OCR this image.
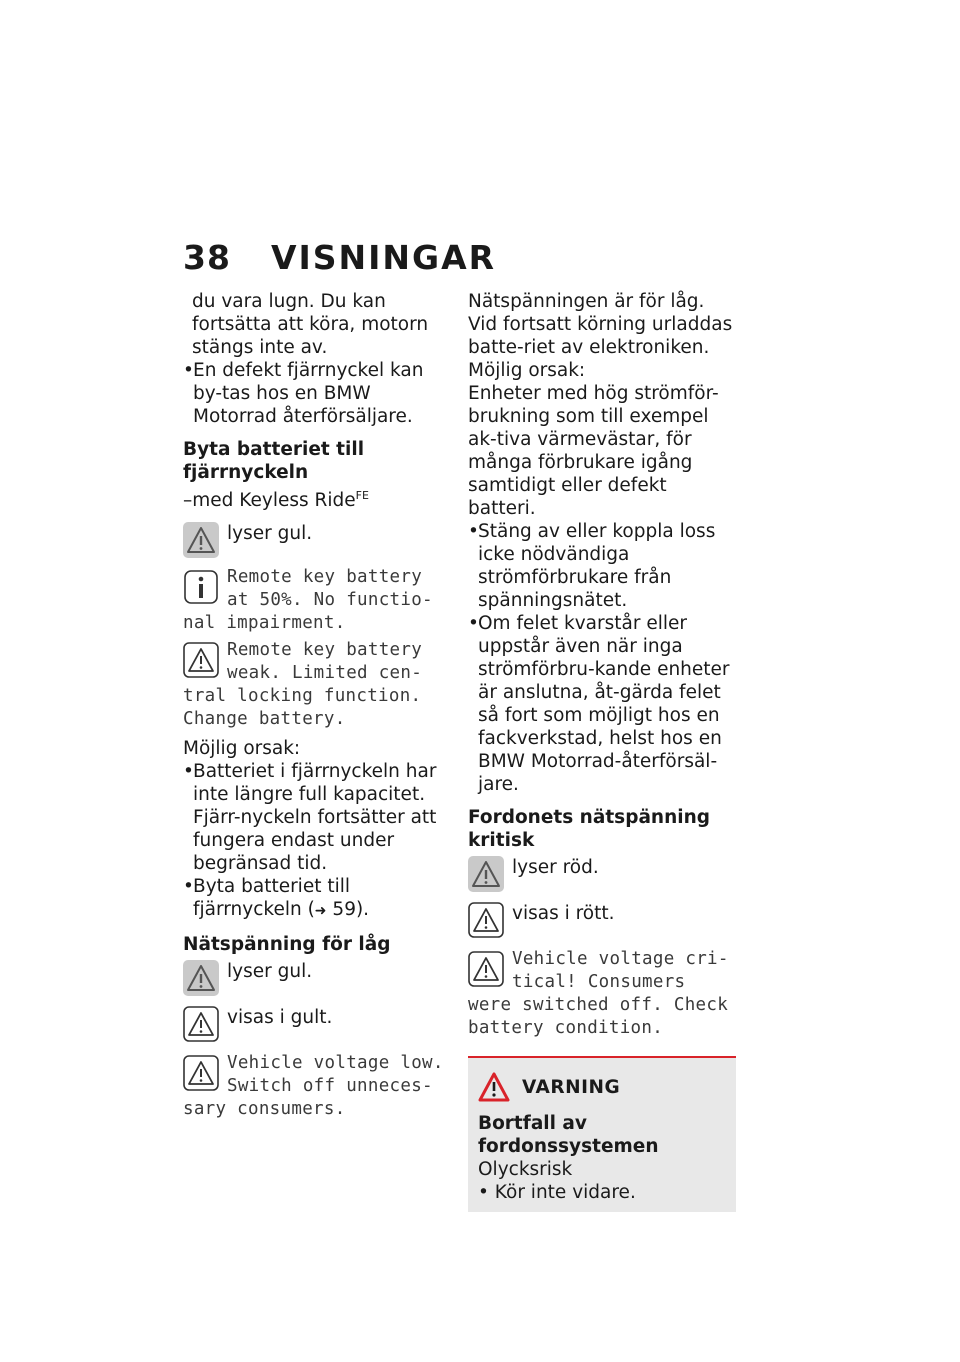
38 VISNINGAR

du vara lugn. Du kan fortsätta att köra, motorn stängs inte av.

• En defekt fjärrnyckel kan by-tas hos en BMW Motorrad återförsäljare.

Byta batteriet till fjärrnyckeln

–med Keyless Ride$^{FE}$

lyser gul.
Remote key battery at 50%. No functio-nal impairment.
Remote key battery weak. Limited cen-tral locking function. Change battery.

Möjlig orsak:

• Batteriet i fjärrnyckeln har inte längre full kapacitet. Fjärr-nyckeln fortsätter att fungera endast under begränsad tid.

• Byta batteriet till fjärrnyckeln (➜ 59).

Nätspänning för låg

lyser gul.
visas i gult.
Vehicle voltage low. Switch off unneces-sary consumers.

Nätspänningen är för låg. Vid fortsatt körning urladdas batte-riet av elektroniken.

Möjlig orsak:

Enheter med hög strömför-brukning som till exempel ak-tiva värmevästar, för många förbrukare igång samtidigt eller defekt batteri.

• Stäng av eller koppla loss icke nödvändiga strömförbrukare från spänningsnätet.

• Om felet kvarstår eller uppstår även när inga strömförbru-kande enheter är anslutna, åt-gärda felet så fort som möjligt hos en fackverkstad, helst hos en BMW Motorrad-återförsäl-jare.

Fordonets nätspänning kritisk

lyser röd.
visas i rött.
Vehicle voltage cri-tical! Consumers were switched off. Check battery condition.
VARNING

Bortfall av fordonssystemen

Olycksrisk

• Kör inte vidare.
